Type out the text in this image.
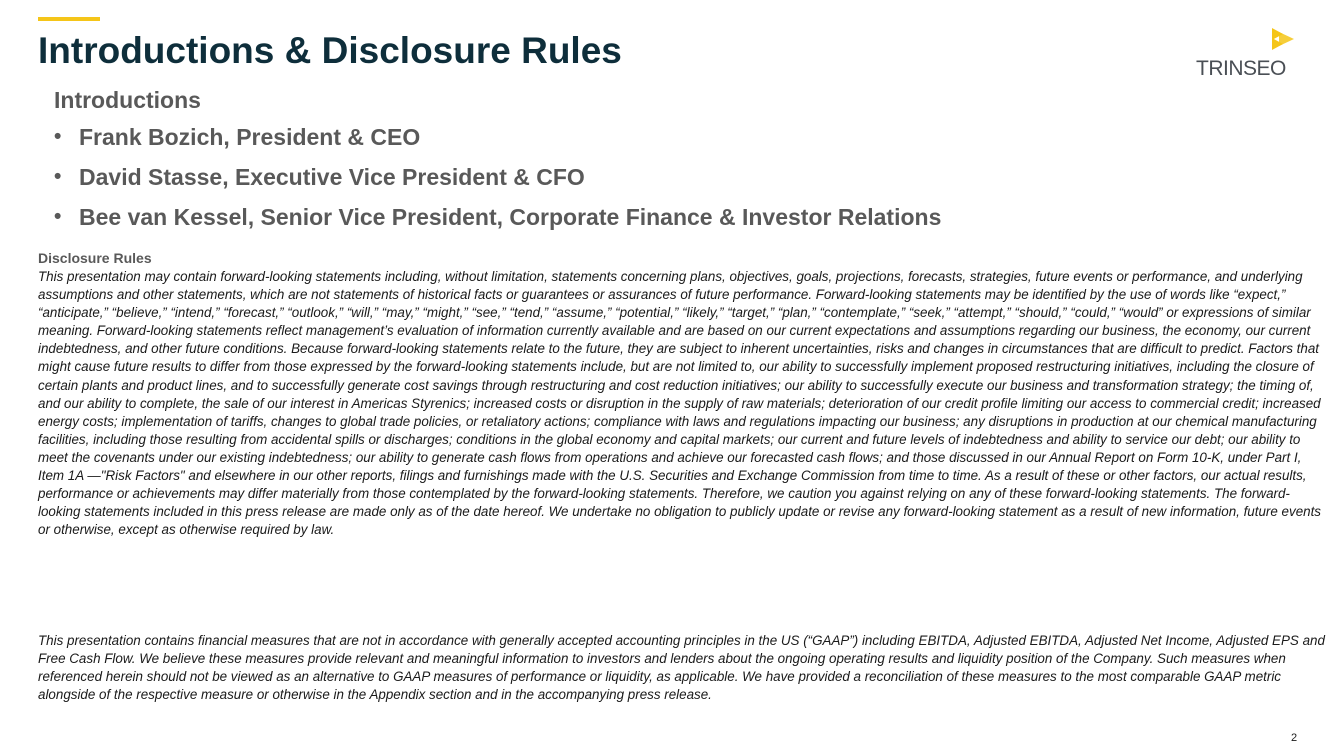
Introductions & Disclosure Rules	TRINSEO
Introductions
• Frank Bozich, President & CEO
• David Stasse, Executive Vice President & CFO
• Bee van Kessel, Senior Vice President, Corporate Finance & Investor Relations
Disclosure Rules

This presentation may contain forward-looking statements including, without limitation, statements concerning plans, objectives, goals, projections, forecasts, strategies, future events or performance, and underlying assumptions and other statements, which are not statements of historical facts or guarantees or assurances of future performance. Forward-looking statements may be identified by the use of words like “expect,” “anticipate,” “believe,” “intend,” “forecast,” “outlook,” “will,” “may,” “might,” “see,” “tend,” “assume,” “potential,” “likely,” “target,” “plan,” “contemplate,” “seek,” “attempt,” “should,” “could,” “would” or expressions of similar meaning. Forward-looking statements reflect management’s evaluation of information currently available and are based on our current expectations and assumptions regarding our business, the economy, our current indebtedness, and other future conditions. Because forward-looking statements relate to the future, they are subject to inherent uncertainties, risks and changes in circumstances that are difficult to predict. Factors that might cause future results to differ from those expressed by the forward-looking statements include, but are not limited to, our ability to successfully implement proposed restructuring initiatives, including the closure of certain plants and product lines, and to successfully generate cost savings through restructuring and cost reduction initiatives; our ability to successfully execute our business and transformation strategy; the timing of, and our ability to complete, the sale of our interest in Americas Styrenics; increased costs or disruption in the supply of raw materials; deterioration of our credit profile limiting our access to commercial credit; increased energy costs; implementation of tariffs, changes to global trade policies, or retaliatory actions; compliance with laws and regulations impacting our business; any disruptions in production at our chemical manufacturing facilities, including those resulting from accidental spills or discharges; conditions in the global economy and capital markets; our current and future levels of indebtedness and ability to service our debt; our ability to meet the covenants under our existing indebtedness; our ability to generate cash flows from operations and achieve our forecasted cash flows; and those discussed in our Annual Report on Form 10-K, under Part I, Item 1A —"Risk Factors" and elsewhere in our other reports, filings and furnishings made with the U.S. Securities and Exchange Commission from time to time. As a result of these or other factors, our actual results, performance or achievements may differ materially from those contemplated by the forward-looking statements. Therefore, we caution you against relying on any of these forward-looking statements. The forward-looking statements included in this press release are made only as of the date hereof. We undertake no obligation to publicly update or revise any forward-looking statement as a result of new information, future events or otherwise, except as otherwise required by law.

This presentation contains financial measures that are not in accordance with generally accepted accounting principles in the US (“GAAP”) including EBITDA, Adjusted EBITDA, Adjusted Net Income, Adjusted EPS and Free Cash Flow. We believe these measures provide relevant and meaningful information to investors and lenders about the ongoing operating results and liquidity position of the Company. Such measures when referenced herein should not be viewed as an alternative to GAAP measures of performance or liquidity, as applicable. We have provided a reconciliation of these measures to the most comparable GAAP metric alongside of the respective measure or otherwise in the Appendix section and in the accompanying press release.

2
